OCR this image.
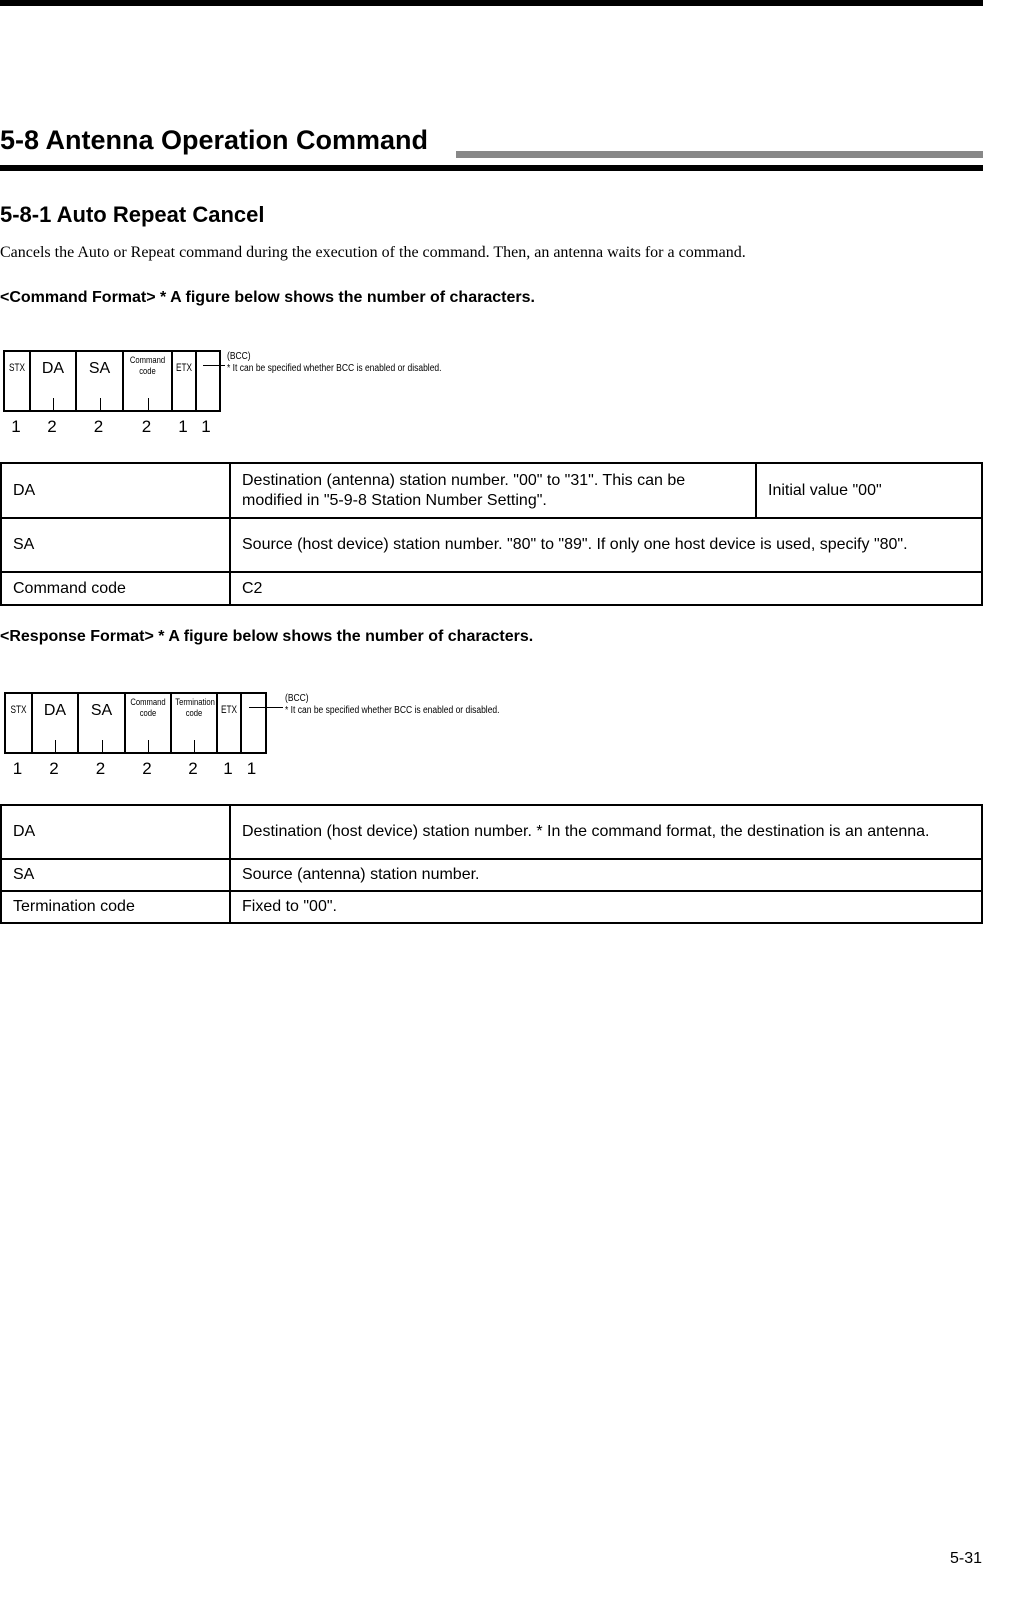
5-8 Antenna Operation Command
5-8-1 Auto Repeat Cancel
Cancels the Auto or Repeat command during the execution of the command. Then, an antenna waits for a command.
<Command Format> * A figure below shows the number of characters.
DA	Destination (antenna) station number. "00" to "31". This can be modified in "5-9-8 Station Number Setting".	Initial value "00"
SA	Source (host device) station number. "80" to "89". If only one host device is used, specify "80".	
Command code	C2	
<Response Format> * A figure below shows the number of characters.
DA	Destination (host device) station number. * In the command format, the destination is an antenna.
SA	Source (antenna) station number.
Termination code	Fixed to "00".
5-31
STX	DA	SA	Command
code	ETX
1	2	2	2	1 1
(BCC)
* It can be specified whether BCC is enabled or disabled.
STX	DA	SA	Command
code
Termination
code	ETX
1	2	2	2	2	1 1
(BCC)
* It can be specified whether BCC is enabled or disabled.
